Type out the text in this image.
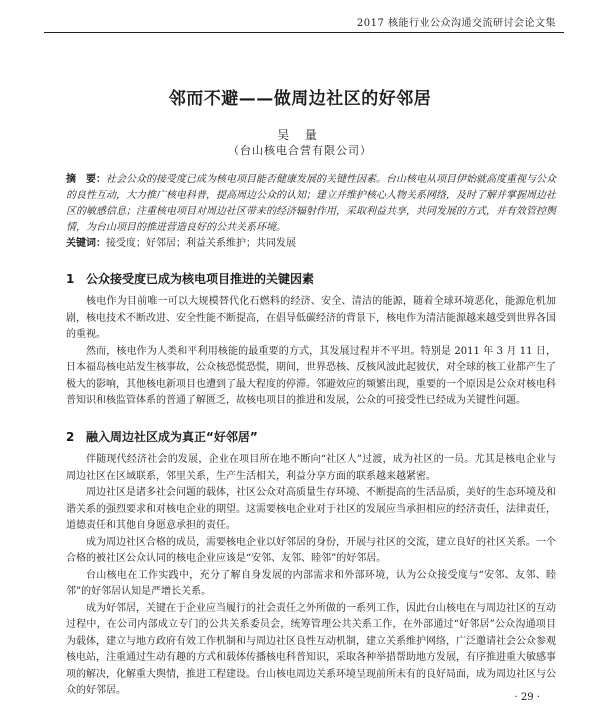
2017 核能行业公众沟通交流研讨会论文集
邻而不避——做周边社区的好邻居
吴 量
（台山核电合营有限公司）
摘　要：社会公众的接受度已成为核电项目能否健康发展的关键性因素。台山核电从项目伊始就高度重视与公众的良性互动，大力推广核电科普，提高周边公众的认知；建立并维护核心人物关系网络，及时了解并掌握周边社区的敏感信息；注重核电项目对周边社区带来的经济辐射作用，采取利益共享，共同发展的方式，并有效管控舆情，为台山项目的推进营造良好的公共关系环境。
关键词：接受度；好邻居；利益关系维护；共同发展
1 公众接受度已成为核电项目推进的关键因素

核电作为目前唯一可以大规模替代化石燃料的经济、安全、清洁的能源，随着全球环境恶化，能源危机加剧，核电技术不断改进、安全性能不断提高，在倡导低碳经济的背景下，核电作为清洁能源越来越受到世界各国的重视。

然而，核电作为人类和平利用核能的最重要的方式，其发展过程并不平坦。特别是 2011 年 3 月 11 日，日本福岛核电站发生核事故，公众核恐慌恐慌，期间，世界恐核、反核风波此起彼伏，对全球的核工业都产生了极大的影响，其他核电新项目也遭到了最大程度的停滞。邻避效应的频繁出现，重要的一个原因是公众对核电科普知识和核监管体系的普通了解匮乏，故核电项目的推进和发展，公众的可接受性已经成为关键性问题。

2 融入周边社区成为真正“好邻居”

伴随现代经济社会的发展，企业在项目所在地不断向“社区人”过渡，成为社区的一员。尤其是核电企业与周边社区在区域联系，邻里关系，生产生活相关，利益分享方面的联系越来越紧密。

周边社区是诸多社会问题的载体，社区公众对高质量生存环境、不断提高的生活品质，美好的生态环境及和谐关系的强烈要求和对核电企业的期望。这需要核电企业对于社区的发展应当承担相应的经济责任，法律责任，道德责任和其他自身愿意承担的责任。

成为周边社区合格的成员，需要核电企业以好邻居的身份，开展与社区的交流，建立良好的社区关系。一个合格的被社区公众认同的核电企业应该是“安邻、友邻、睦邻”的好邻居。

台山核电在工作实践中，充分了解自身发展的内部需求和外部环境，认为公众接受度与“安邻、友邻、睦邻”的好邻居认知是严增长关系。

成为好邻居，关键在于企业应当履行的社会责任之外所做的一系列工作，因此台山核电在与周边社区的互动过程中，在公司内部成立专门的公共关系委员会，统筹管理公共关系工作，在外部通过“好邻居”公众沟通项目为载体，建立与地方政府有效工作机制和与周边社区良性互动机制，建立关系维护网络，广泛邀请社会公众参观核电站，注重通过生动有趣的方式和载体传播核电科普知识，采取各种举措帮助地方发展，有序推进重大敏感事项的解决，化解重大舆情，推进工程建设。台山核电周边关系环境呈现前所未有的良好局面，成为周边社区与公众的好邻居。

· 29 ·
